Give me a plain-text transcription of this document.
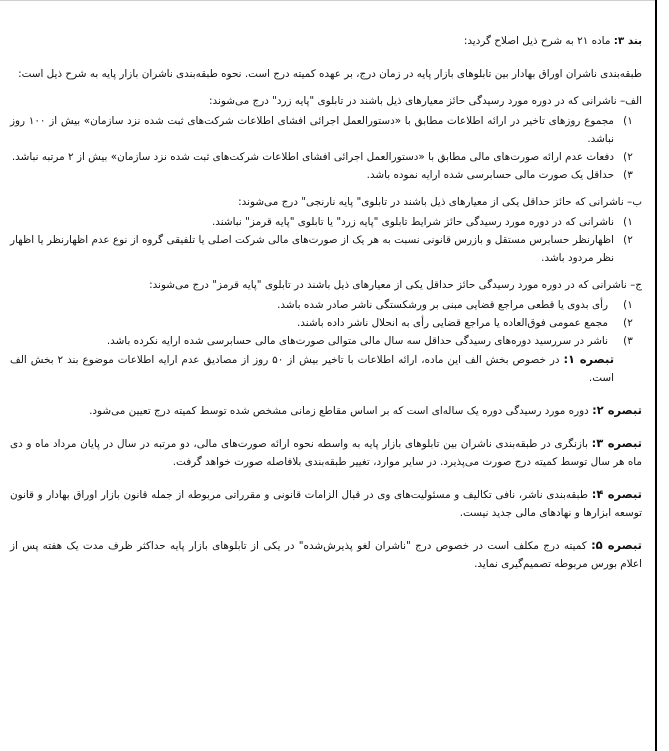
بند ۳: ماده ۲۱ به شرح ذیل اصلاح گردید:

طبقه‌بندی ناشران اوراق بهادار بین تابلوهای بازار پایه در زمان درج، بر عهده کمیته درج است. نحوه طبقه‌بندی ناشران بازار پایه به شرح ذیل است:

الف– ناشرانی که در دوره مورد رسیدگی حائز معیارهای ذیل باشند در تابلوی "پایه زرد" درج می‌شوند:

۱)
مجموع روزهای تاخیر در ارائه اطلاعات مطابق با «دستورالعمل اجرائی افشای اطلاعات شرکت‌های ثبت شده نزد سازمان» بیش از ۱۰۰ روز نباشد.
۲)
دفعات عدم ارائه صورت‌های مالی مطابق با «دستورالعمل اجرائی افشای اطلاعات شرکت‌های ثبت شده نزد سازمان» بیش از ۲ مرتبه نباشد.
۳)
حداقل یک صورت مالی حسابرسی شده ارایه نموده باشد.

ب– ناشرانی که حائز حداقل یکی از معیارهای ذیل باشند در تابلوی" پایه نارنجی" درج می‌شوند:

۱)
ناشرانی که در دوره مورد رسیدگی حائز شرایط تابلوی "پایه زرد" یا تابلوی "پایه قرمز" نباشند.
۲)
اظهارنظر حسابرس مستقل و بازرس قانونی نسبت به هر یک از صورت‌های مالی شرکت اصلی یا تلفیقی گروه از نوع عدم اظهارنظر یا اظهار نظر مردود باشد.

ج– ناشرانی که در دوره مورد رسیدگی حائز حداقل یکی از معیارهای ذیل باشند در تابلوی "پایه قرمز" درج می‌شوند:

۱)
رأی بدوی یا قطعی مراجع قضایی مبنی بر ورشکستگی ناشر صادر شده باشد.
۲)
مجمع عمومی فوق‌العاده یا مراجع قضایی رأی به انحلال ناشر داده باشند.
۳)
ناشر در سررسید دوره‌های رسیدگی حداقل سه سال مالی متوالی صورت‌های مالی حسابرسی شده ارایه نکرده باشد.

تبصره ۱: در خصوص بخش الف این ماده، ارائه اطلاعات با تاخیر بیش از ۵۰ روز از مصادیق عدم ارایه اطلاعات موضوع بند ۲ بخش الف است.

تبصره ۲: دوره مورد رسیدگی دوره یک ساله‌ای است که بر اساس مقاطع زمانی مشخص شده توسط کمیته درج تعیین می‌شود.

تبصره ۳: بازنگری در طبقه‌بندی ناشران بین تابلوهای بازار پایه به واسطه نحوه ارائه صورت‌های مالی، دو مرتبه در سال در پایان مرداد ماه و دی ماه هر سال توسط کمیته درج صورت می‌پذیرد. در سایر موارد، تغییر طبقه‌بندی بلافاصله صورت خواهد گرفت.

تبصره ۴: طبقه‌بندی ناشر، نافی تکالیف و مسئولیت‌های وی در قبال الزامات قانونی و مقرراتی مربوطه از جمله قانون بازار اوراق بهادار و قانون توسعه ابزارها و نهادهای مالی جدید نیست.

تبصره ۵: کمیته درج مکلف است در خصوص درج "ناشران لغو پذیرش‌شده" در یکی از تابلوهای بازار پایه حداکثر ظرف مدت یک هفته پس از اعلام بورس مربوطه تصمیم‌گیری نماید.
